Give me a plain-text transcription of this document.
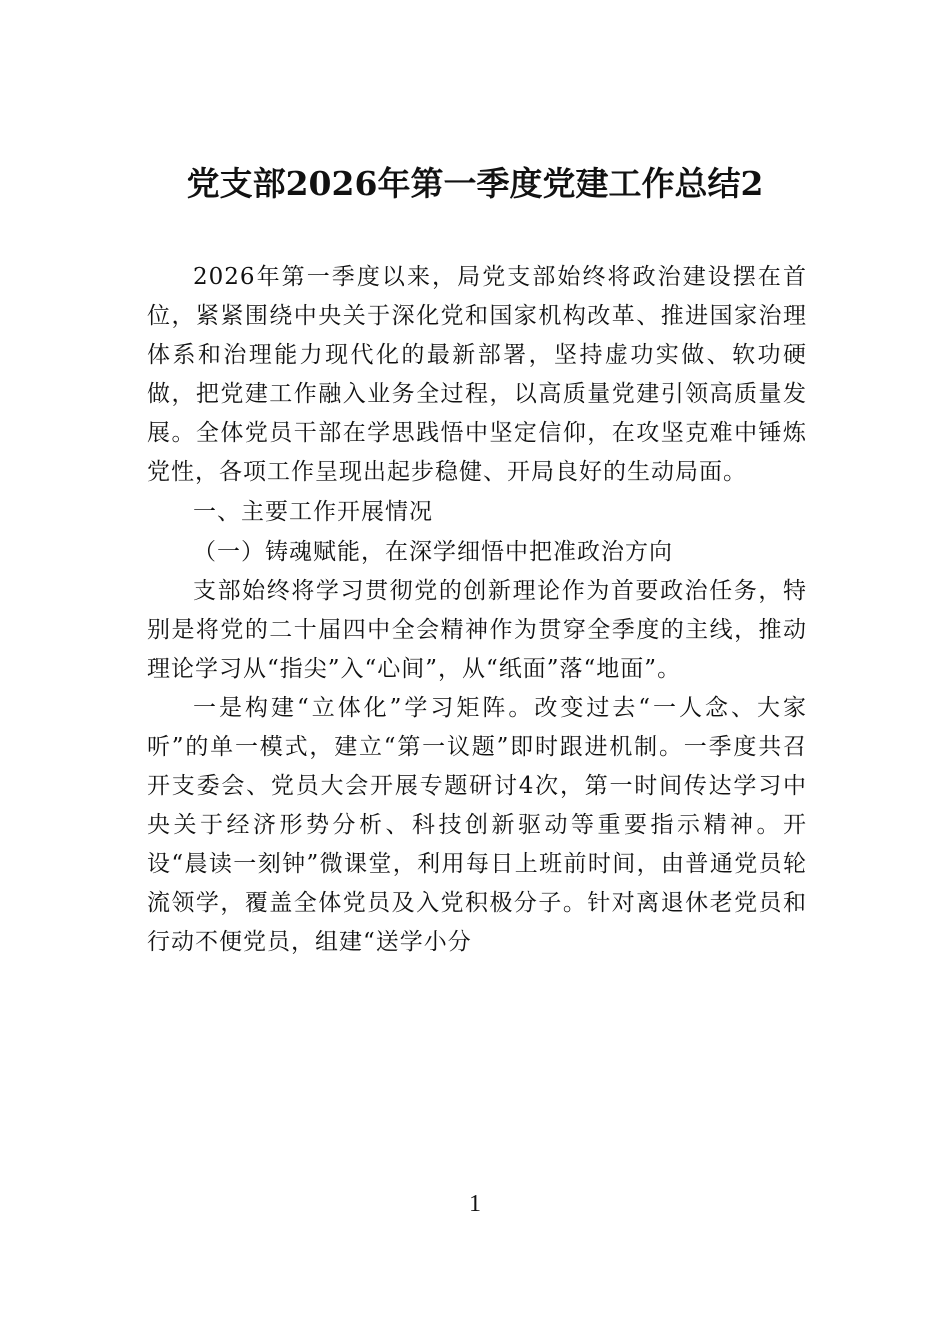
党支部2026年第一季度党建工作总结2

2026年第一季度以来，局党支部始终将政治建设摆在首位，紧紧围绕中央关于深化党和国家机构改革、推进国家治理体系和治理能力现代化的最新部署，坚持虚功实做、软功硬做，把党建工作融入业务全过程，以高质量党建引领高质量发展。全体党员干部在学思践悟中坚定信仰，在攻坚克难中锤炼党性，各项工作呈现出起步稳健、开局良好的生动局面。

一、主要工作开展情况

（一）铸魂赋能，在深学细悟中把准政治方向

支部始终将学习贯彻党的创新理论作为首要政治任务，特别是将党的二十届四中全会精神作为贯穿全季度的主线，推动理论学习从“指尖”入“心间”，从“纸面”落“地面”。

一是构建“立体化”学习矩阵。改变过去“一人念、大家听”的单一模式，建立“第一议题”即时跟进机制。一季度共召开支委会、党员大会开展专题研讨4次，第一时间传达学习中央关于经济形势分析、科技创新驱动等重要指示精神。开设“晨读一刻钟”微课堂，利用每日上班前时间，由普通党员轮流领学，覆盖全体党员及入党积极分子。针对离退休老党员和行动不便党员，组建“送学小分

1
